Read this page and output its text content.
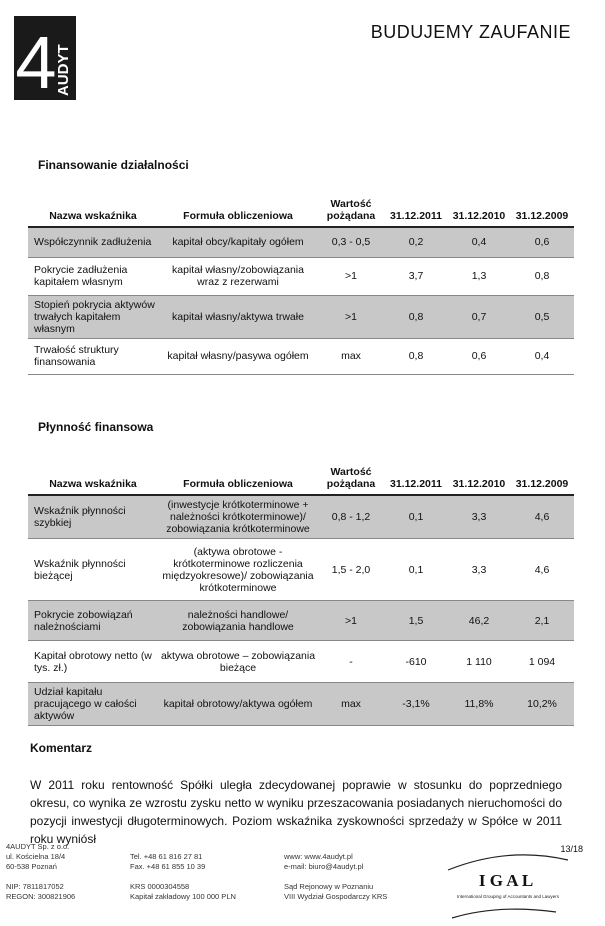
4
AUDYT
BUDUJEMY ZAUFANIE
Finansowanie działalności
Nazwa wskaźnika	Formuła obliczeniowa	Wartość pożądana	31.12.2011	31.12.2010	31.12.2009
Współczynnik zadłużenia	kapitał obcy/kapitały ogółem	0,3 - 0,5	0,2	0,4	0,6
Pokrycie zadłużenia kapitałem własnym	kapitał własny/zobowiązania wraz z rezerwami	>1	3,7	1,3	0,8
Stopień pokrycia aktywów trwałych kapitałem własnym	kapitał własny/aktywa trwałe	>1	0,8	0,7	0,5
Trwałość struktury finansowania	kapitał własny/pasywa ogółem	max	0,8	0,6	0,4
Płynność finansowa
Nazwa wskaźnika	Formuła obliczeniowa	Wartość pożądana	31.12.2011	31.12.2010	31.12.2009
Wskaźnik płynności szybkiej	(inwestycje krótkoterminowe + należności krótkoterminowe)/ zobowiązania krótkoterminowe	0,8 - 1,2	0,1	3,3	4,6
Wskaźnik płynności bieżącej	(aktywa obrotowe - krótkoterminowe rozliczenia międzyokresowe)/ zobowiązania krótkoterminowe	1,5 - 2,0	0,1	3,3	4,6
Pokrycie zobowiązań należnościami	należności handlowe/ zobowiązania handlowe	>1	1,5	46,2	2,1
Kapitał obrotowy netto (w tys. zł.)	aktywa obrotowe – zobowiązania bieżące	-	-610	1 110	1 094
Udział kapitału pracującego w całości aktywów	kapitał obrotowy/aktywa ogółem	max	-3,1%	11,8%	10,2%
Komentarz
W 2011 roku rentowność Spółki uległa zdecydowanej poprawie w stosunku do poprzedniego okresu, co wynika ze wzrostu zysku netto w wyniku przeszacowania posiadanych nieruchomości do pozycji inwestycji długoterminowych. Poziom wskaźnika zyskowności sprzedaży w Spółce w 2011 roku wyniósł
4AUDYT Sp. z o.o.
ul. Kościelna 18/4
60-538 Poznań
NIP: 7811817052
REGON: 300821906
Tel. +48 61 816 27 81
Fax. +48 61 855 10 39
KRS 0000304558
Kapitał zakładowy 100 000 PLN
www: www.4audyt.pl
e-mail: biuro@4audyt.pl
Sąd Rejonowy w Poznaniu
VIII Wydział Gospodarczy KRS
13/18
I G A L
International Grouping of Accountants and Lawyers
